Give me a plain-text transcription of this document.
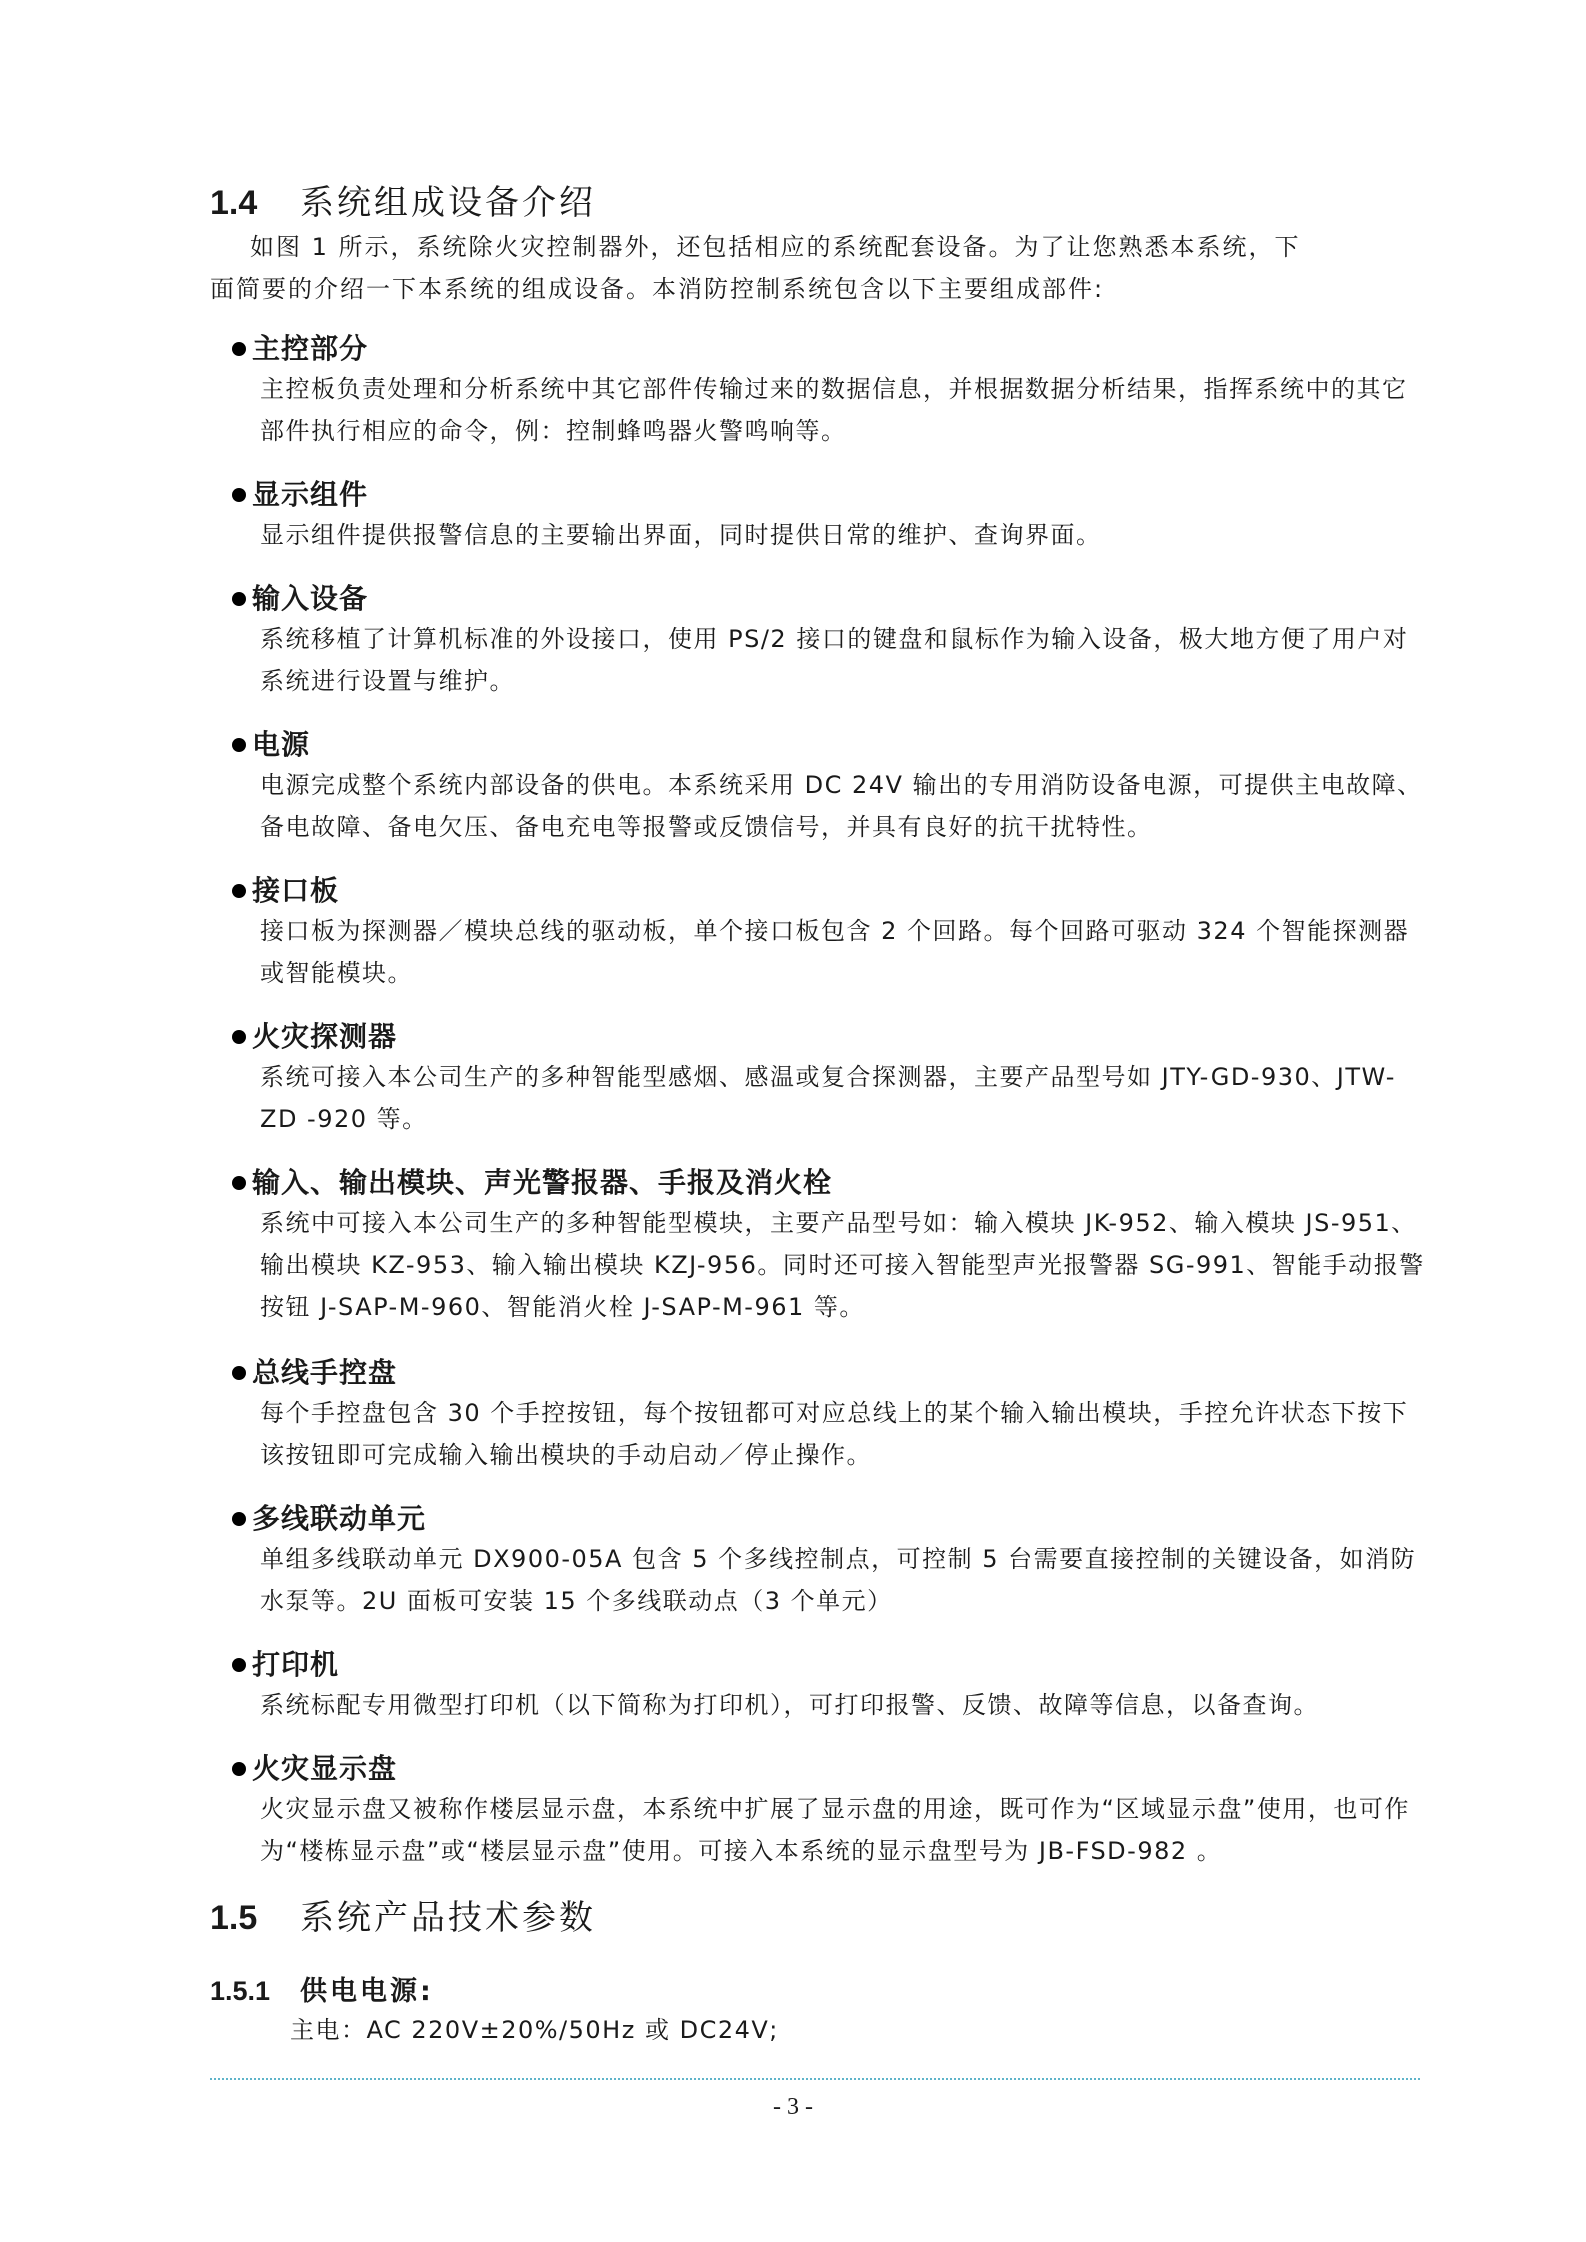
1.4 系统组成设备介绍
如图 1 所示，系统除火灾控制器外，还包括相应的系统配套设备。为了让您熟悉本系统，下
面简要的介绍一下本系统的组成设备。本消防控制系统包含以下主要组成部件:
主控部分
主控板负责处理和分析系统中其它部件传输过来的数据信息，并根据数据分析结果，指挥系统中的其它部件执行相应的命令，例：控制蜂鸣器火警鸣响等。
显示组件
显示组件提供报警信息的主要输出界面，同时提供日常的维护、查询界面。
输入设备
系统移植了计算机标准的外设接口，使用 PS/2 接口的键盘和鼠标作为输入设备，极大地方便了用户对系统进行设置与维护。
电源
电源完成整个系统内部设备的供电。本系统采用 DC 24V 输出的专用消防设备电源，可提供主电故障、备电故障、备电欠压、备电充电等报警或反馈信号，并具有良好的抗干扰特性。
接口板
接口板为探测器／模块总线的驱动板，单个接口板包含 2 个回路。每个回路可驱动 324 个智能探测器或智能模块。
火灾探测器
系统可接入本公司生产的多种智能型感烟、感温或复合探测器，主要产品型号如 JTY-GD-930、JTW-ZD -920 等。
输入、输出模块、声光警报器、手报及消火栓
系统中可接入本公司生产的多种智能型模块，主要产品型号如：输入模块 JK-952、输入模块 JS-951、输出模块 KZ-953、输入输出模块 KZJ-956。同时还可接入智能型声光报警器 SG-991、智能手动报警按钮 J-SAP-M-960、智能消火栓 J-SAP-M-961 等。
总线手控盘
每个手控盘包含 30 个手控按钮，每个按钮都可对应总线上的某个输入输出模块，手控允许状态下按下该按钮即可完成输入输出模块的手动启动／停止操作。
多线联动单元
单组多线联动单元 DX900-05A 包含 5 个多线控制点，可控制 5 台需要直接控制的关键设备，如消防水泵等。2U 面板可安装 15 个多线联动点（3 个单元）
打印机
系统标配专用微型打印机（以下简称为打印机），可打印报警、反馈、故障等信息，以备查询。
火灾显示盘
火灾显示盘又被称作楼层显示盘，本系统中扩展了显示盘的用途，既可作为“区域显示盘”使用，也可作为“楼栋显示盘”或“楼层显示盘”使用。可接入本系统的显示盘型号为 JB-FSD-982 。
1.5 系统产品技术参数
1.5.1 供电电源:
主电：AC 220V±20%/50Hz 或 DC24V;
- 3 -
